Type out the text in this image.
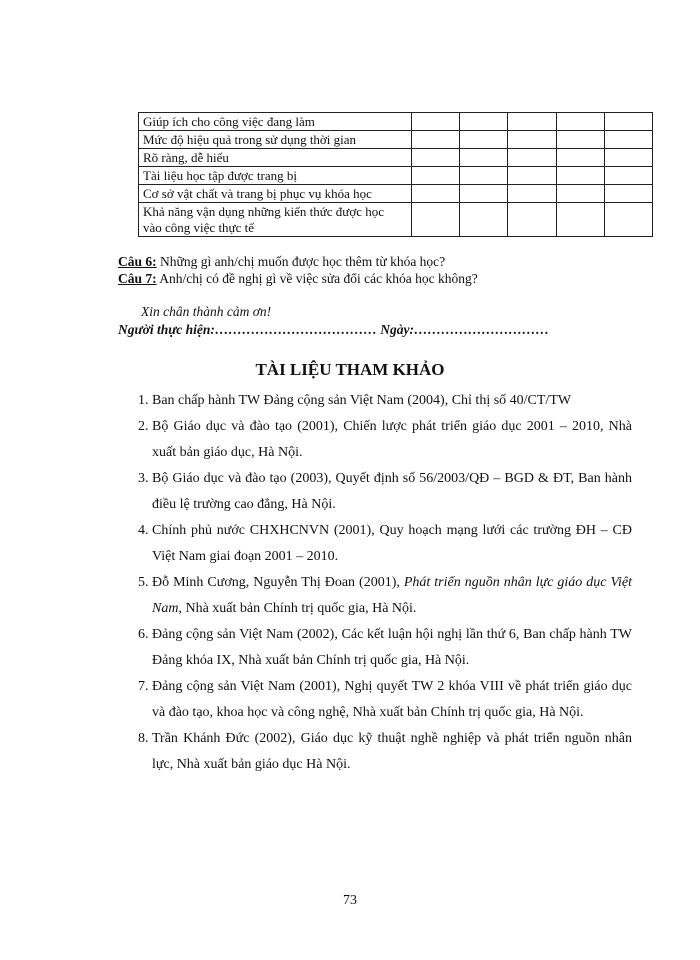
Giúp ích cho công việc đang làm					
Mức độ hiệu quả trong sử dụng thời gian					
Rõ ràng, dễ hiểu					
Tài liệu học tập được trang bị					
Cơ sở vật chất và trang bị phục vụ khóa học					
Khả năng vận dụng những kiến thức được học
vào công việc thực tế					
Câu 6: Những gì anh/chị muốn được học thêm từ khóa học?
Câu 7: Anh/chị có đề nghị gì về việc sửa đổi các khóa học không?
Xin chân thành cảm ơn!
Người thực hiện:……………………………… Ngày:…………………………
TÀI LIỆU THAM KHẢO
1. Ban chấp hành TW Đảng cộng sản Việt Nam (2004), Chỉ thị số 40/CT/TW
2. Bộ Giáo dục và đào tạo (2001), Chiến lược phát triển giáo dục 2001 – 2010, Nhà xuất bản giáo dục, Hà Nội.
3. Bộ Giáo dục và đào tạo (2003), Quyết định số 56/2003/QĐ – BGD & ĐT, Ban hành điều lệ trường cao đẳng, Hà Nội.
4. Chính phủ nước CHXHCNVN (2001), Quy hoạch mạng lưới các trường ĐH – CĐ Việt Nam giai đoạn 2001 – 2010.
5. Đỗ Minh Cương, Nguyễn Thị Đoan (2001), Phát triển nguồn nhân lực giáo dục Việt Nam, Nhà xuất bản Chính trị quốc gia, Hà Nội.
6. Đảng cộng sản Việt Nam (2002), Các kết luận hội nghị lần thứ 6, Ban chấp hành TW Đảng khóa IX, Nhà xuất bản Chính trị quốc gia, Hà Nội.
7. Đảng cộng sản Việt Nam (2001), Nghị quyết TW 2 khóa VIII về phát triển giáo dục và đào tạo, khoa học và công nghệ, Nhà xuất bản Chính trị quốc gia, Hà Nội.
8. Trần Khánh Đức (2002), Giáo dục kỹ thuật nghề nghiệp và phát triển nguồn nhân lực, Nhà xuất bản giáo dục Hà Nội.
73
